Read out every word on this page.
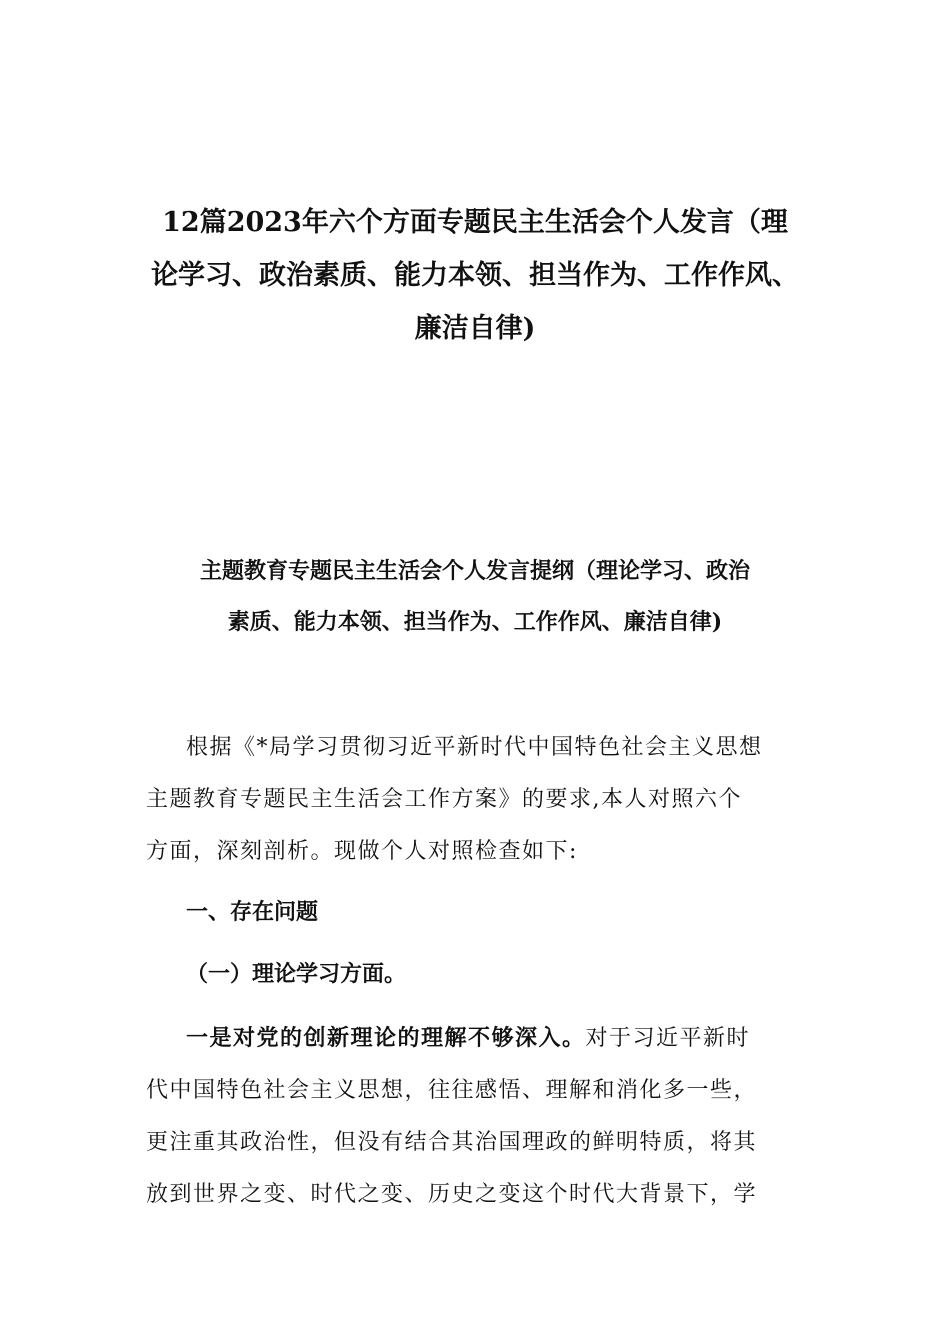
12篇2023年六个方面专题民主生活会个人发言（理
论学习、政治素质、能力本领、担当作为、工作作风、
廉洁自律)
主题教育专题民主生活会个人发言提纲（理论学习、政治
素质、能力本领、担当作为、工作作风、廉洁自律)

根据《*局学习贯彻习近平新时代中国特色社会主义思想
主题教育专题民主生活会工作方案》的要求,本人对照六个
方面，深刻剖析。现做个人对照检查如下:

一、存在问题
（一）理论学习方面。
一是对党的创新理论的理解不够深入。对于习近平新时
代中国特色社会主义思想，往往感悟、理解和消化多一些，
更注重其政治性，但没有结合其治国理政的鲜明特质，将其
放到世界之变、时代之变、历史之变这个时代大背景下，学
